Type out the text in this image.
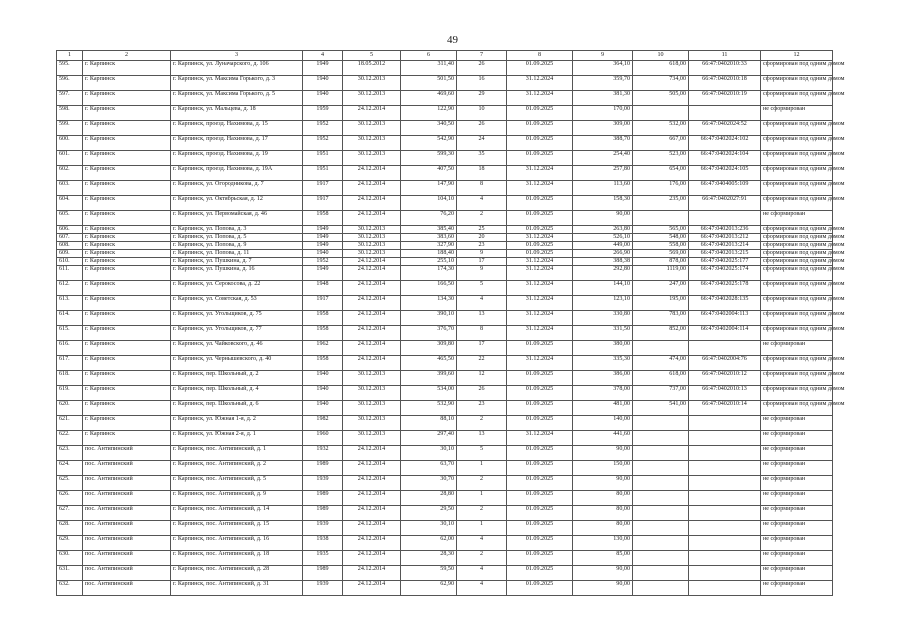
49
1	2	3	4	5	6	7	8	9	10	11	12
595.	г. Карпинск	г. Карпинск, ул. Луначарского, д. 106	1949	18.05.2012	311,40	26	01.09.2025	364,10	618,00	66:47:0402010:33	сформирован под одним домом
596.	г. Карпинск	г. Карпинск, ул. Максима Горького, д. 3	1940	30.12.2013	501,50	16	31.12.2024	359,70	734,00	66:47:0402010:18	сформирован под одним домом
597.	г. Карпинск	г. Карпинск, ул. Максима Горького, д. 5	1940	30.12.2013	469,60	29	31.12.2024	381,30	505,00	66:47:0402010:19	сформирован под одним домом
598.	г. Карпинск	г. Карпинск, ул. Мальцева, д. 18	1959	24.12.2014	122,90	10	01.09.2025	170,00			не сформирован
599.	г. Карпинск	г. Карпинск, проезд. Нахимова, д. 15	1952	30.12.2013	340,50	26	01.09.2025	309,00	532,00	66:47:0402024:52	сформирован под одним домом
600.	г. Карпинск	г. Карпинск, проезд. Нахимова, д. 17	1952	30.12.2013	542,90	24	01.09.2025	388,70	667,00	66:47:0402024:102	сформирован под одним домом
601.	г. Карпинск	г. Карпинск, проезд. Нахимова, д. 19	1951	30.12.2013	599,30	35	01.09.2025	254,40	523,00	66:47:0402024:104	сформирован под одним домом
602.	г. Карпинск	г. Карпинск, проезд. Нахимова, д. 19А	1951	24.12.2014	407,50	18	31.12.2024	257,80	654,00	66:47:0402024:105	сформирован под одним домом
603.	г. Карпинск	г. Карпинск, ул. Огородникова, д. 7	1917	24.12.2014	147,90	8	31.12.2024	113,60	176,00	66:47:0404005:109	сформирован под одним домом
604.	г. Карпинск	г. Карпинск, ул. Октябрьская, д. 12	1917	24.12.2014	104,10	4	01.09.2025	158,30	235,00	66:47:0402027:91	сформирован под одним домом
605.	г. Карпинск	г. Карпинск, ул. Первомайская, д. 46	1958	24.12.2014	76,20	2	01.09.2025	90,00			не сформирован
606.	г. Карпинск	г. Карпинск, ул. Попова, д. 3	1949	30.12.2013	385,40	25	01.09.2025	263,80	565,00	66:47:0402013:236	сформирован под одним домом
607.	г. Карпинск	г. Карпинск, ул. Попова, д. 5	1949	30.12.2013	383,60	20	31.12.2024	526,10	548,00	66:47:0402013:212	сформирован под одним домом
608.	г. Карпинск	г. Карпинск, ул. Попова, д. 9	1949	30.12.2013	327,90	23	01.09.2025	449,00	558,00	66:47:0402013:214	сформирован под одним домом
609.	г. Карпинск	г. Карпинск, ул. Попова, д. 11	1940	30.12.2013	188,40	9	01.09.2025	266,90	569,00	66:47:0402013:215	сформирован под одним домом
610.	г. Карпинск	г. Карпинск, ул. Пушкина, д. 7	1952	24.12.2014	255,10	17	31.12.2024	388,38	878,00	66:47:0402025:177	сформирован под одним домом
611.	г. Карпинск	г. Карпинск, ул. Пушкина, д. 16	1949	24.12.2014	174,30	9	31.12.2024	292,80	1119,00	66:47:0402025:174	сформирован под одним домом
612.	г. Карпинск	г. Карпинск, ул. Серокосова, д. 22	1948	24.12.2014	166,50	5	31.12.2024	144,10	247,00	66:47:0402025:178	сформирован под одним домом
613.	г. Карпинск	г. Карпинск, ул. Советская, д. 53	1917	24.12.2014	134,30	4	31.12.2024	123,10	195,00	66:47:0402028:135	сформирован под одним домом
614.	г. Карпинск	г. Карпинск, ул. Угольщиков, д. 75	1958	24.12.2014	390,10	13	31.12.2024	330,80	783,00	66:47:0402004:113	сформирован под одним домом
615.	г. Карпинск	г. Карпинск, ул. Угольщиков, д. 77	1958	24.12.2014	376,70	8	31.12.2024	331,50	852,00	66:47:0402004:114	сформирован под одним домом
616.	г. Карпинск	г. Карпинск, ул. Чайковского, д. 46	1962	24.12.2014	309,80	17	01.09.2025	380,00			не сформирован
617.	г. Карпинск	г. Карпинск, ул. Чернышевского, д. 40	1958	24.12.2014	465,50	22	31.12.2024	335,30	474,00	66:47:0402004:76	сформирован под одним домом
618.	г. Карпинск	г. Карпинск, пер. Школьный, д. 2	1940	30.12.2013	399,60	12	01.09.2025	386,00	618,00	66:47:0402010:12	сформирован под одним домом
619.	г. Карпинск	г. Карпинск, пер. Школьный, д. 4	1940	30.12.2013	534,00	26	01.09.2025	378,00	737,00	66:47:0402010:13	сформирован под одним домом
620.	г. Карпинск	г. Карпинск, пер. Школьный, д. 6	1940	30.12.2013	532,90	23	01.09.2025	481,00	541,00	66:47:0402010:14	сформирован под одним домом
621.	г. Карпинск	г. Карпинск, ул. Южная 1-я, д. 2	1982	30.12.2013	88,10	2	01.09.2025	140,00			не сформирован
622.	г. Карпинск	г. Карпинск, ул. Южная 2-я, д. 1	1960	30.12.2013	297,40	13	31.12.2024	441,60			не сформирован
623.	пос. Антипинский	г. Карпинск, пос. Антипинский, д. 1	1932	24.12.2014	30,10	5	01.09.2025	90,00			не сформирован
624.	пос. Антипинский	г. Карпинск, пос. Антипинский, д. 2	1989	24.12.2014	63,70	1	01.09.2025	150,00			не сформирован
625.	пос. Антипинский	г. Карпинск, пос. Антипинский, д. 5	1939	24.12.2014	30,70	2	01.09.2025	90,00			не сформирован
626.	пос. Антипинский	г. Карпинск, пос. Антипинский, д. 9	1989	24.12.2014	28,80	1	01.09.2025	80,00			не сформирован
627.	пос. Антипинский	г. Карпинск, пос. Антипинский, д. 14	1989	24.12.2014	29,50	2	01.09.2025	80,00			не сформирован
628.	пос. Антипинский	г. Карпинск, пос. Антипинский, д. 15	1939	24.12.2014	30,10	1	01.09.2025	80,00			не сформирован
629.	пос. Антипинский	г. Карпинск, пос. Антипинский, д. 16	1938	24.12.2014	62,00	4	01.09.2025	130,00			не сформирован
630.	пос. Антипинский	г. Карпинск, пос. Антипинский, д. 18	1935	24.12.2014	28,30	2	01.09.2025	85,00			не сформирован
631.	пос. Антипинский	г. Карпинск, пос. Антипинский, д. 28	1989	24.12.2014	59,50	4	01.09.2025	90,00			не сформирован
632.	пос. Антипинский	г. Карпинск, пос. Антипинский, д. 31	1939	24.12.2014	62,90	4	01.09.2025	90,00			не сформирован
